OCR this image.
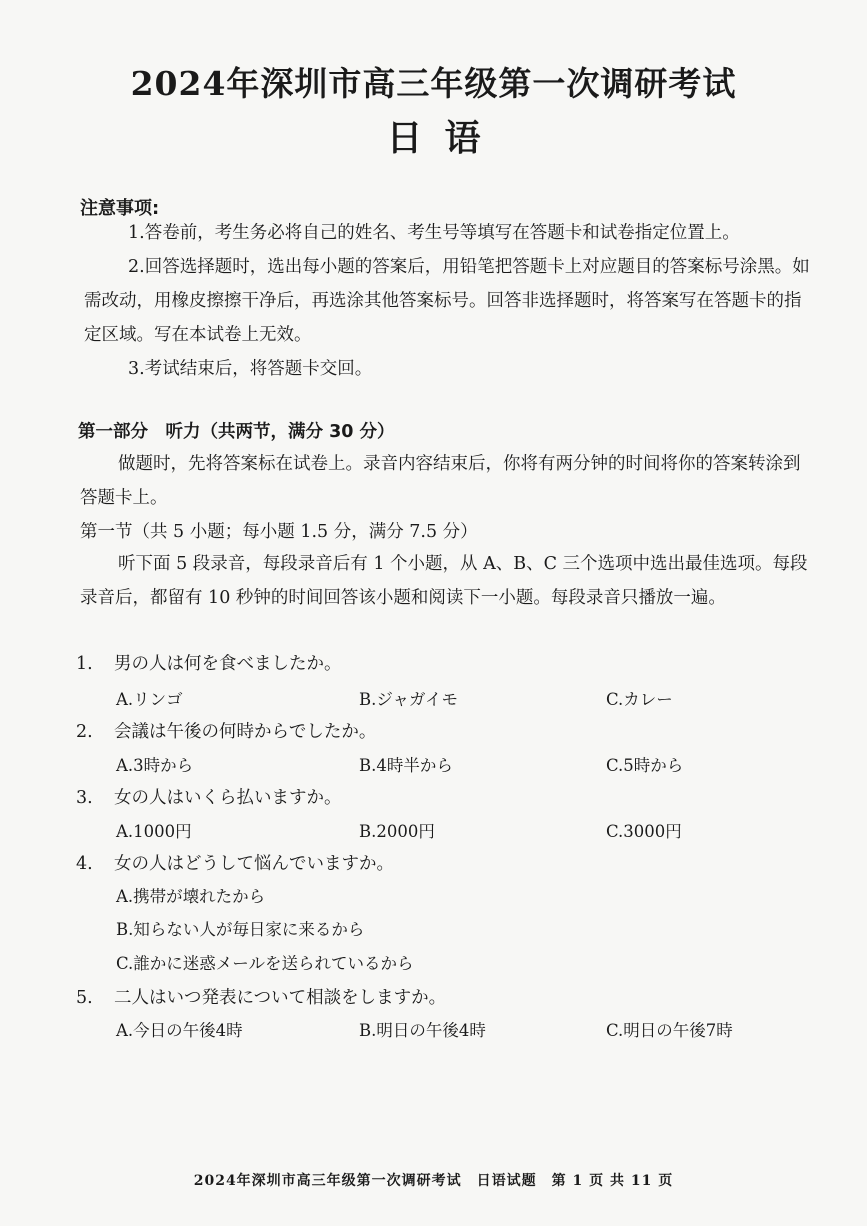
2024年深圳市高三年级第一次调研考试
日语
注意事项:

1.答卷前，考生务必将自己的姓名、考生号等填写在答题卡和试卷指定位置上。

2.回答选择题时，选出每小题的答案后，用铅笔把答题卡上对应题目的答案标号涂黑。如需改动，用橡皮擦擦干净后，再选涂其他答案标号。回答非选择题时，将答案写在答题卡的指定区域。写在本试卷上无效。

3.考试结束后，将答题卡交回。

第一部分　听力（共两节，满分 30 分）

做题时，先将答案标在试卷上。录音内容结束后，你将有两分钟的时间将你的答案转涂到答题卡上。

第一节（共 5 小题；每小题 1.5 分，满分 7.5 分）

听下面 5 段录音，每段录音后有 1 个小题，从 A、B、C 三个选项中选出最佳选项。每段录音后，都留有 10 秒钟的时间回答该小题和阅读下一小题。每段录音只播放一遍。

1. 男の人は何を食べましたか。
A.リンゴ	B.ジャガイモ	C.カレー
2. 会議は午後の何時からでしたか。
A.3時から	B.4時半から	C.5時から
3. 女の人はいくら払いますか。
A.1000円	B.2000円	C.3000円
4. 女の人はどうして悩んでいますか。
A.携帯が壊れたから
B.知らない人が毎日家に来るから
C.誰かに迷惑メールを送られているから
5. 二人はいつ発表について相談をしますか。
A.今日の午後4時	B.明日の午後4時	C.明日の午後7時
2024年深圳市高三年级第一次调研考试　日语试题　第 1 页 共 11 页
